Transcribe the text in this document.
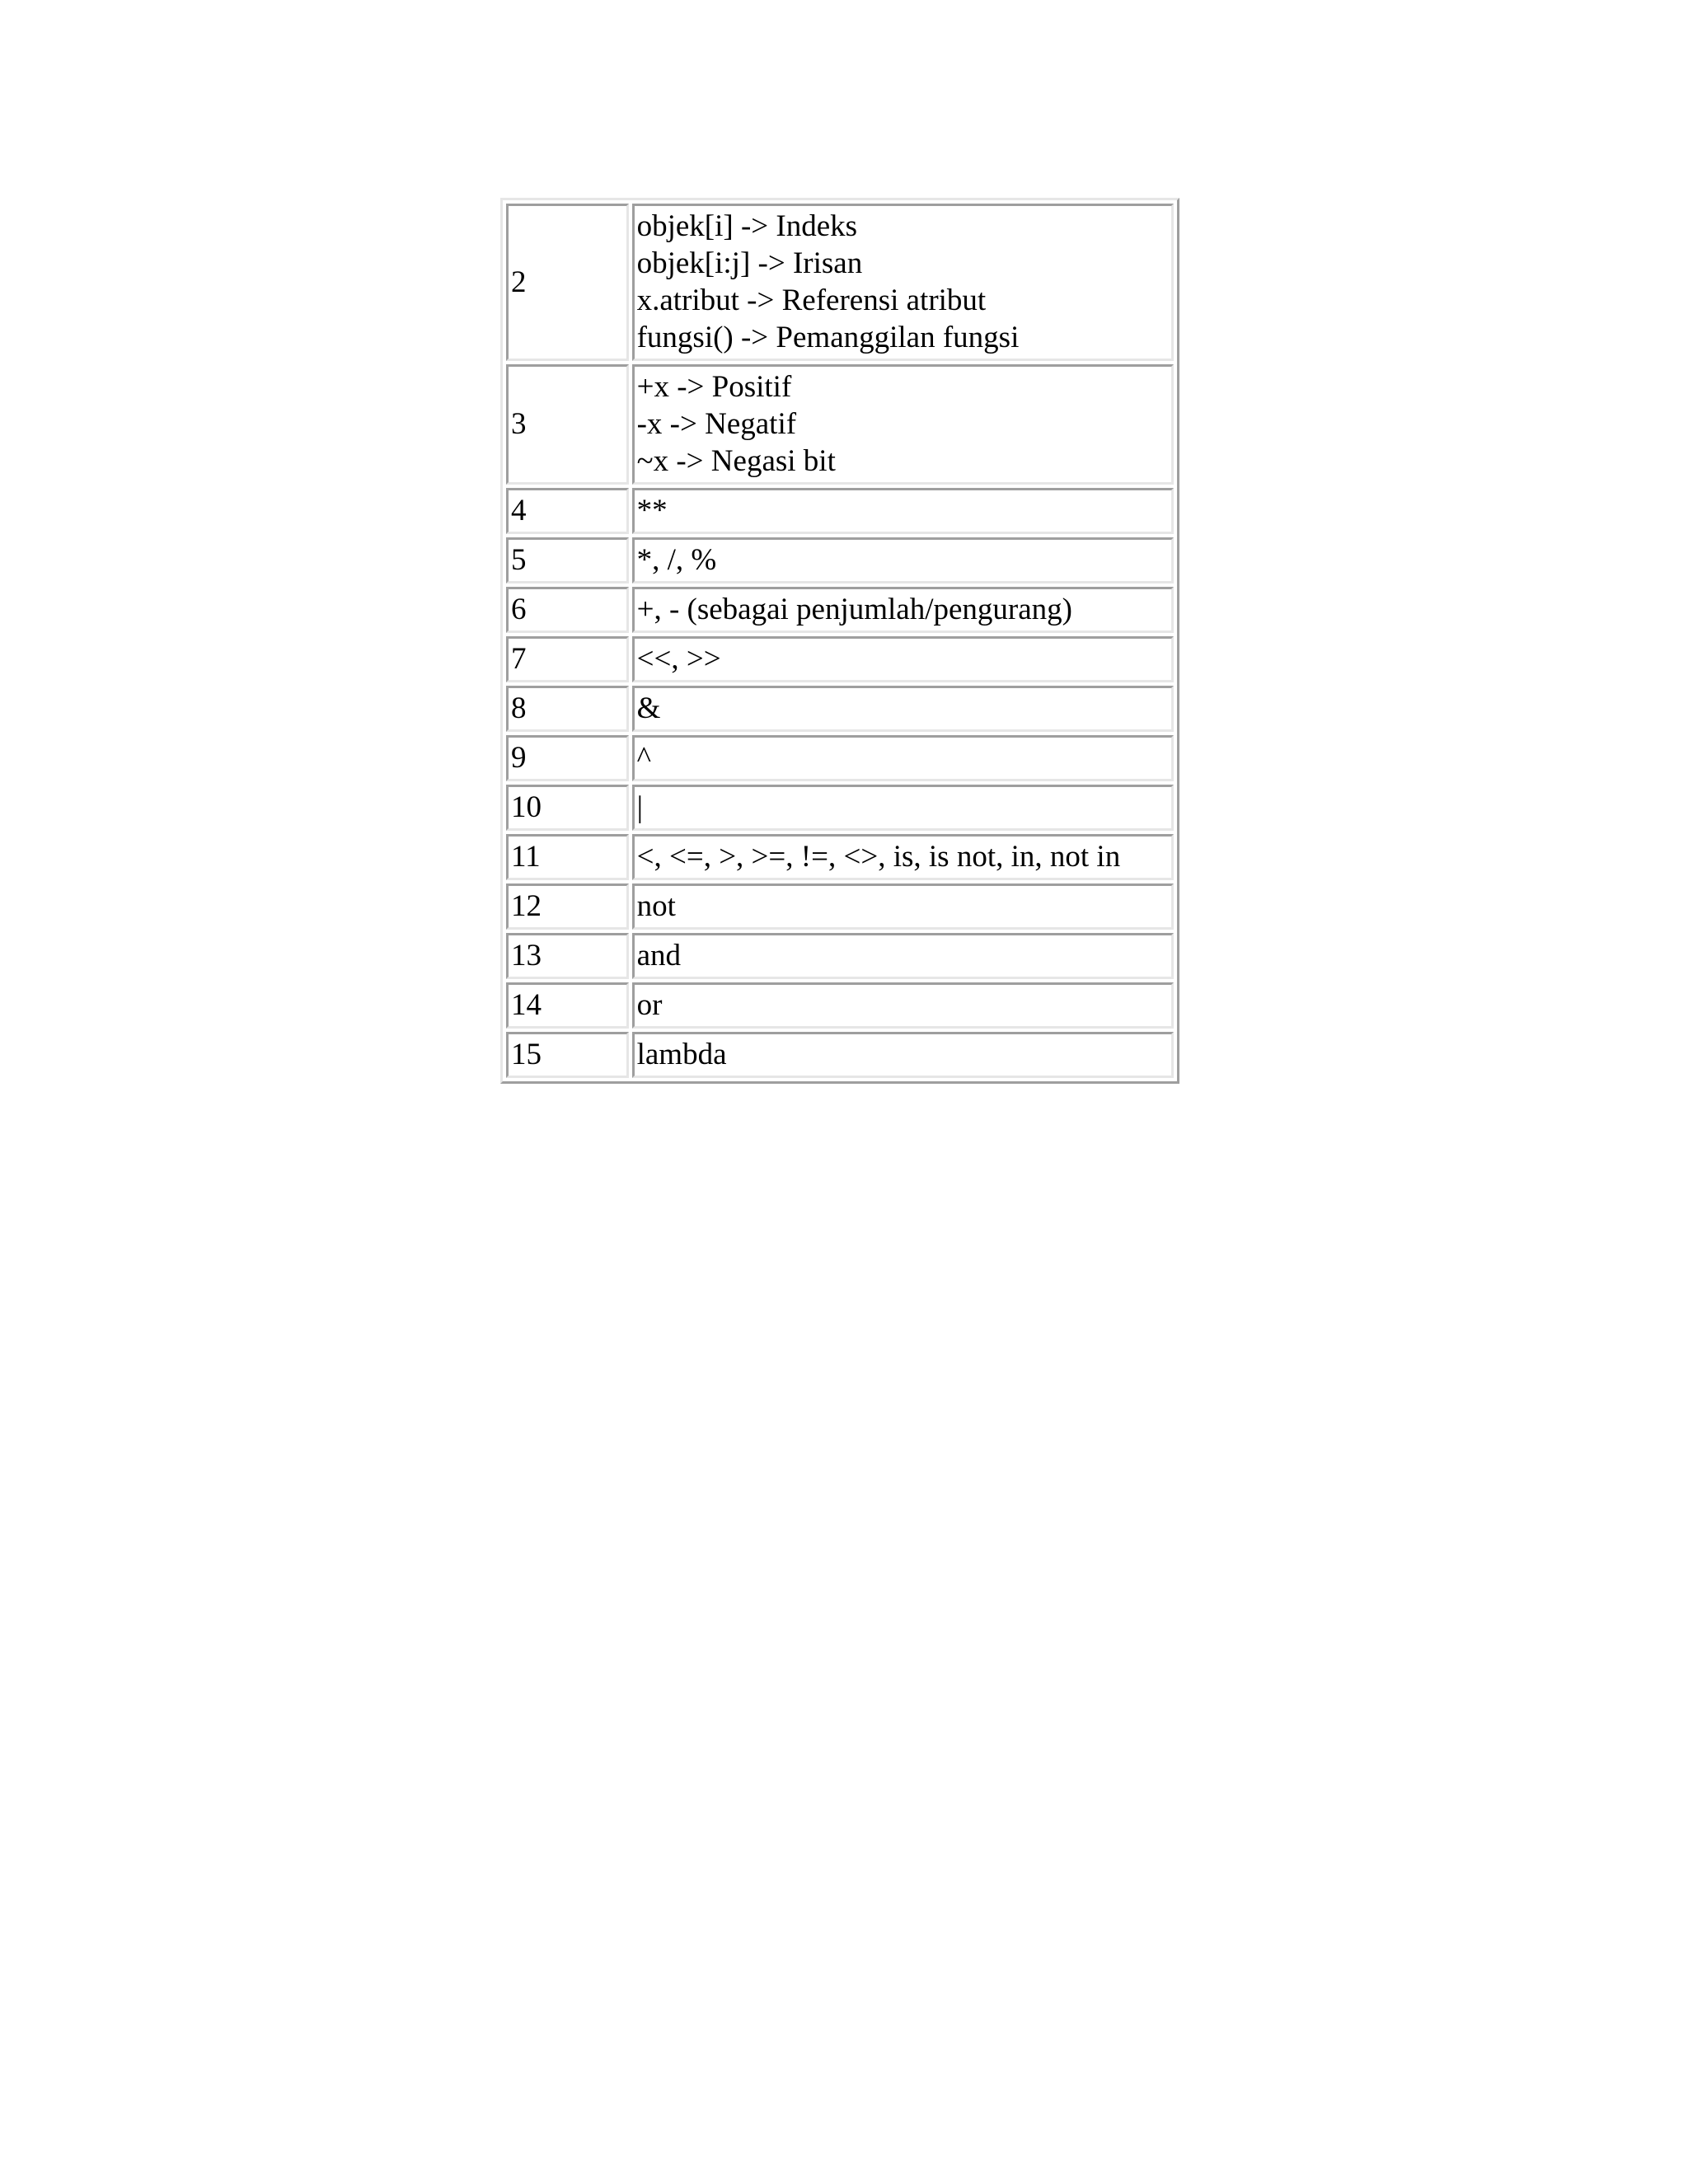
2	objek[i] -> Indeks
objek[i:j] -> Irisan
x.atribut -> Referensi atribut
fungsi() -> Pemanggilan fungsi

3	+x -> Positif
-x -> Negatif
~x -> Negasi bit

4	**

5	*, /, %

6	+, - (sebagai penjumlah/pengurang)

7	<<, >>

8	&

9	^

10	|

11	<, <=, >, >=, !=, <>, is, is not, in, not in

12	not

13	and

14	or

15	lambda
